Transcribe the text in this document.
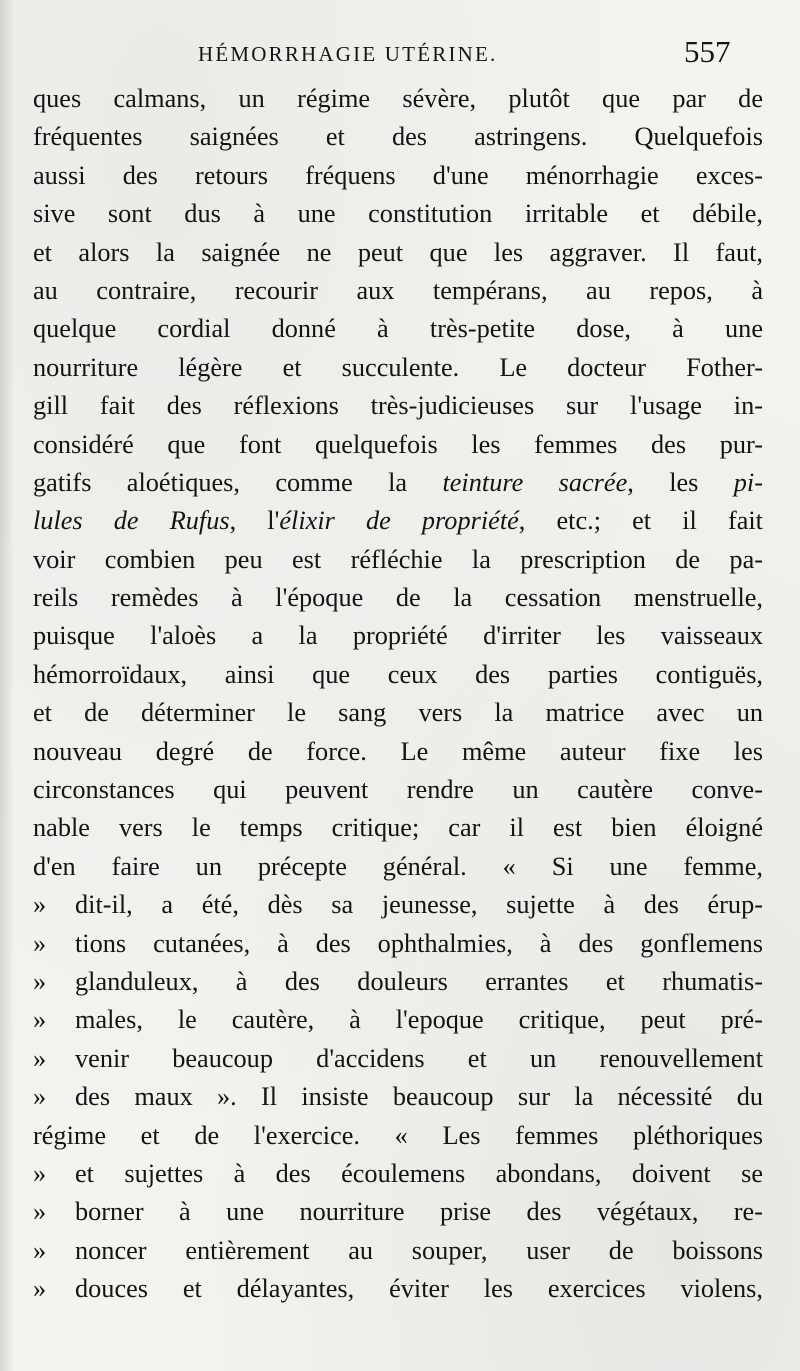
HÉMORRHAGIE UTÉRINE.	557
ques calmans, un régime sévère, plutôt que par de
fréquentes saignées et des astringens. Quelquefois
aussi des retours fréquens d'une ménorrhagie exces-
sive sont dus à une constitution irritable et débile,
et alors la saignée ne peut que les aggraver. Il faut,
au contraire, recourir aux tempérans, au repos, à
quelque cordial donné à très-petite dose, à une
nourriture légère et succulente. Le docteur Fother-
gill fait des réflexions très-judicieuses sur l'usage in-
considéré que font quelquefois les femmes des pur-
gatifs aloétiques, comme la teinture sacrée, les pi-
lules de Rufus, l'élixir de propriété, etc.; et il fait
voir combien peu est réfléchie la prescription de pa-
reils remèdes à l'époque de la cessation menstruelle,
puisque l'aloès a la propriété d'irriter les vaisseaux
hémorroïdaux, ainsi que ceux des parties contiguës,
et de déterminer le sang vers la matrice avec un
nouveau degré de force. Le même auteur fixe les
circonstances qui peuvent rendre un cautère conve-
nable vers le temps critique; car il est bien éloigné
d'en faire un précepte général. « Si une femme,
» dit-il, a été, dès sa jeunesse, sujette à des érup-
» tions cutanées, à des ophthalmies, à des gonflemens
» glanduleux, à des douleurs errantes et rhumatis-
» males, le cautère, à l'epoque critique, peut pré-
» venir beaucoup d'accidens et un renouvellement
» des maux ». Il insiste beaucoup sur la nécessité du
régime et de l'exercice. « Les femmes pléthoriques
» et sujettes à des écoulemens abondans, doivent se
» borner à une nourriture prise des végétaux, re-
» noncer entièrement au souper, user de boissons
» douces et délayantes, éviter les exercices violens,
